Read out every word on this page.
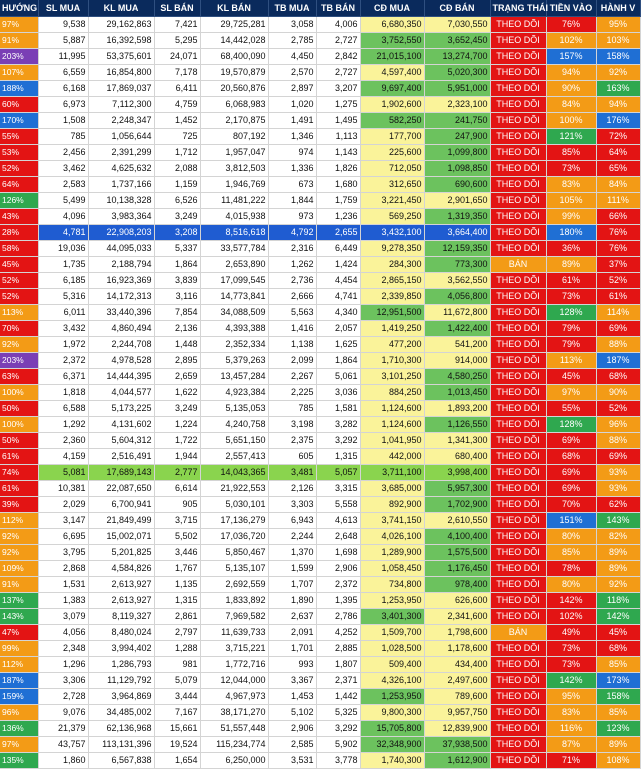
HƯỚNG	SL MUA	KL MUA	SL BÁN	KL BÁN	TB MUA	TB BÁN	CĐ MUA	CĐ BÁN	TRẠNG THÁI	TIỀN VÀO	HÀNH V
97%	9,538	29,162,863	7,421	29,725,281	3,058	4,006	6,680,350	7,030,550	THEO DÕI	76%	95%
91%	5,887	16,392,598	5,295	14,442,028	2,785	2,727	3,752,550	3,652,450	THEO DÕI	102%	103%
203%	11,995	53,375,601	24,071	68,400,090	4,450	2,842	21,015,100	13,274,700	THEO DÕI	157%	158%
107%	6,559	16,854,800	7,178	19,570,879	2,570	2,727	4,597,400	5,020,300	THEO DÕI	94%	92%
188%	6,168	17,869,037	6,411	20,560,876	2,897	3,207	9,697,400	5,951,000	THEO DÕI	90%	163%
60%	6,973	7,112,300	4,759	6,068,983	1,020	1,275	1,902,600	2,323,100	THEO DÕI	84%	94%
170%	1,508	2,248,347	1,452	2,170,875	1,491	1,495	582,250	241,750	THEO DÕI	100%	176%
55%	785	1,056,644	725	807,192	1,346	1,113	177,700	247,900	THEO DÕI	121%	72%
53%	2,456	2,391,299	1,712	1,957,047	974	1,143	225,600	1,099,800	THEO DÕI	85%	64%
52%	3,462	4,625,632	2,088	3,812,503	1,336	1,826	712,050	1,098,850	THEO DÕI	73%	65%
64%	2,583	1,737,166	1,159	1,946,769	673	1,680	312,650	690,600	THEO DÕI	83%	84%
126%	5,499	10,138,328	6,526	11,481,222	1,844	1,759	3,221,450	2,901,650	THEO DÕI	105%	111%
43%	4,096	3,983,364	3,249	4,015,938	973	1,236	569,250	1,319,350	THEO DÕI	99%	66%
28%	4,781	22,908,203	3,208	8,516,618	4,792	2,655	3,432,100	3,664,400	THEO DÕI	180%	76%
58%	19,036	44,095,033	5,337	33,577,784	2,316	6,449	9,278,350	12,159,350	THEO DÕI	36%	76%
45%	1,735	2,188,794	1,864	2,653,890	1,262	1,424	284,300	773,300	BÁN	89%	37%
52%	6,185	16,923,369	3,839	17,099,545	2,736	4,454	2,865,150	3,562,550	THEO DÕI	61%	52%
52%	5,316	14,172,313	3,116	14,773,841	2,666	4,741	2,339,850	4,056,800	THEO DÕI	73%	61%
113%	6,011	33,440,396	7,854	34,088,509	5,563	4,340	12,951,500	11,672,800	THEO DÕI	128%	114%
70%	3,432	4,860,494	2,136	4,393,388	1,416	2,057	1,419,250	1,422,400	THEO DÕI	79%	69%
92%	1,972	2,244,708	1,448	2,352,334	1,138	1,625	477,200	541,200	THEO DÕI	79%	88%
203%	2,372	4,978,528	2,895	5,379,263	2,099	1,864	1,710,300	914,000	THEO DÕI	113%	187%
63%	6,371	14,444,395	2,659	13,457,284	2,267	5,061	3,101,250	4,580,250	THEO DÕI	45%	68%
100%	1,818	4,044,577	1,622	4,923,384	2,225	3,036	884,250	1,013,450	THEO DÕI	97%	90%
50%	6,588	5,173,225	3,249	5,135,053	785	1,581	1,124,600	1,893,200	THEO DÕI	55%	52%
100%	1,292	4,131,602	1,224	4,240,758	3,198	3,282	1,124,600	1,126,550	THEO DÕI	128%	96%
50%	2,360	5,604,312	1,722	5,651,150	2,375	3,292	1,041,950	1,341,300	THEO DÕI	69%	88%
61%	4,159	2,516,491	1,944	2,557,413	605	1,315	442,000	680,400	THEO DÕI	68%	69%
74%	5,081	17,689,143	2,777	14,043,365	3,481	5,057	3,711,100	3,998,400	THEO DÕI	69%	93%
61%	10,381	22,087,650	6,614	21,922,553	2,126	3,315	3,685,000	5,957,300	THEO DÕI	69%	93%
39%	2,029	6,700,941	905	5,030,101	3,303	5,558	892,900	1,702,900	THEO DÕI	70%	62%
112%	3,147	21,849,499	3,715	17,136,279	6,943	4,613	3,741,150	2,610,550	THEO DÕI	151%	143%
92%	6,695	15,002,071	5,502	17,036,720	2,244	2,648	4,026,100	4,100,400	THEO DÕI	80%	82%
92%	3,795	5,201,825	3,446	5,850,467	1,370	1,698	1,289,900	1,575,500	THEO DÕI	85%	89%
109%	2,868	4,584,826	1,767	5,135,107	1,599	2,906	1,058,450	1,176,450	THEO DÕI	78%	89%
91%	1,531	2,613,927	1,135	2,692,559	1,707	2,372	734,800	978,400	THEO DÕI	80%	92%
137%	1,383	2,613,927	1,315	1,833,892	1,890	1,395	1,253,950	626,600	THEO DÕI	142%	118%
143%	3,079	8,119,327	2,861	7,969,582	2,637	2,786	3,401,300	2,341,600	THEO DÕI	102%	142%
47%	4,056	8,480,024	2,797	11,639,733	2,091	4,252	1,509,700	1,798,600	BÁN	49%	45%
99%	2,348	3,994,402	1,288	3,715,221	1,701	2,885	1,028,500	1,178,600	THEO DÕI	73%	68%
112%	1,296	1,286,793	981	1,772,716	993	1,807	509,400	434,400	THEO DÕI	73%	85%
187%	3,306	11,129,792	5,079	12,044,000	3,367	2,371	4,326,100	2,497,600	THEO DÕI	142%	173%
159%	2,728	3,964,869	3,444	4,967,973	1,453	1,442	1,253,950	789,600	THEO DÕI	95%	158%
96%	9,076	34,485,002	7,167	38,171,270	5,102	5,325	9,800,300	9,957,750	THEO DÕI	83%	85%
136%	21,379	62,136,968	15,661	51,557,448	2,906	3,292	15,705,800	12,839,900	THEO DÕI	116%	123%
97%	43,757	113,131,396	19,524	115,234,774	2,585	5,902	32,348,900	37,938,500	THEO DÕI	87%	89%
135%	1,860	6,567,838	1,654	6,250,000	3,531	3,778	1,740,300	1,612,900	THEO DÕI	71%	108%
